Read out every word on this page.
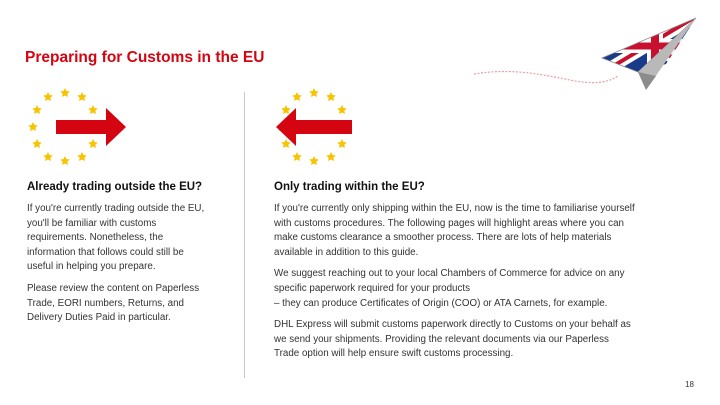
Preparing for Customs in the EU
Already trading outside the EU?	Only trading within the EU?

If you're currently trading outside the EU,
you'll be familiar with customs
requirements. Nonetheless, the
information that follows could still be
useful in helping you prepare.

Please review the content on Paperless
Trade, EORI numbers, Returns, and
Delivery Duties Paid in particular.

If you're currently only shipping within the EU, now is the time to familiarise yourself
with customs procedures. The following pages will highlight areas where you can
make customs clearance a smoother process. There are lots of help materials
available in addition to this guide.

We suggest reaching out to your local Chambers of Commerce for advice on any
specific paperwork required for your products
– they can produce Certificates of Origin (COO) or ATA Carnets, for example.

DHL Express will submit customs paperwork directly to Customs on your behalf as
we send your shipments. Providing the relevant documents via our Paperless
Trade option will help ensure swift customs processing.

18
